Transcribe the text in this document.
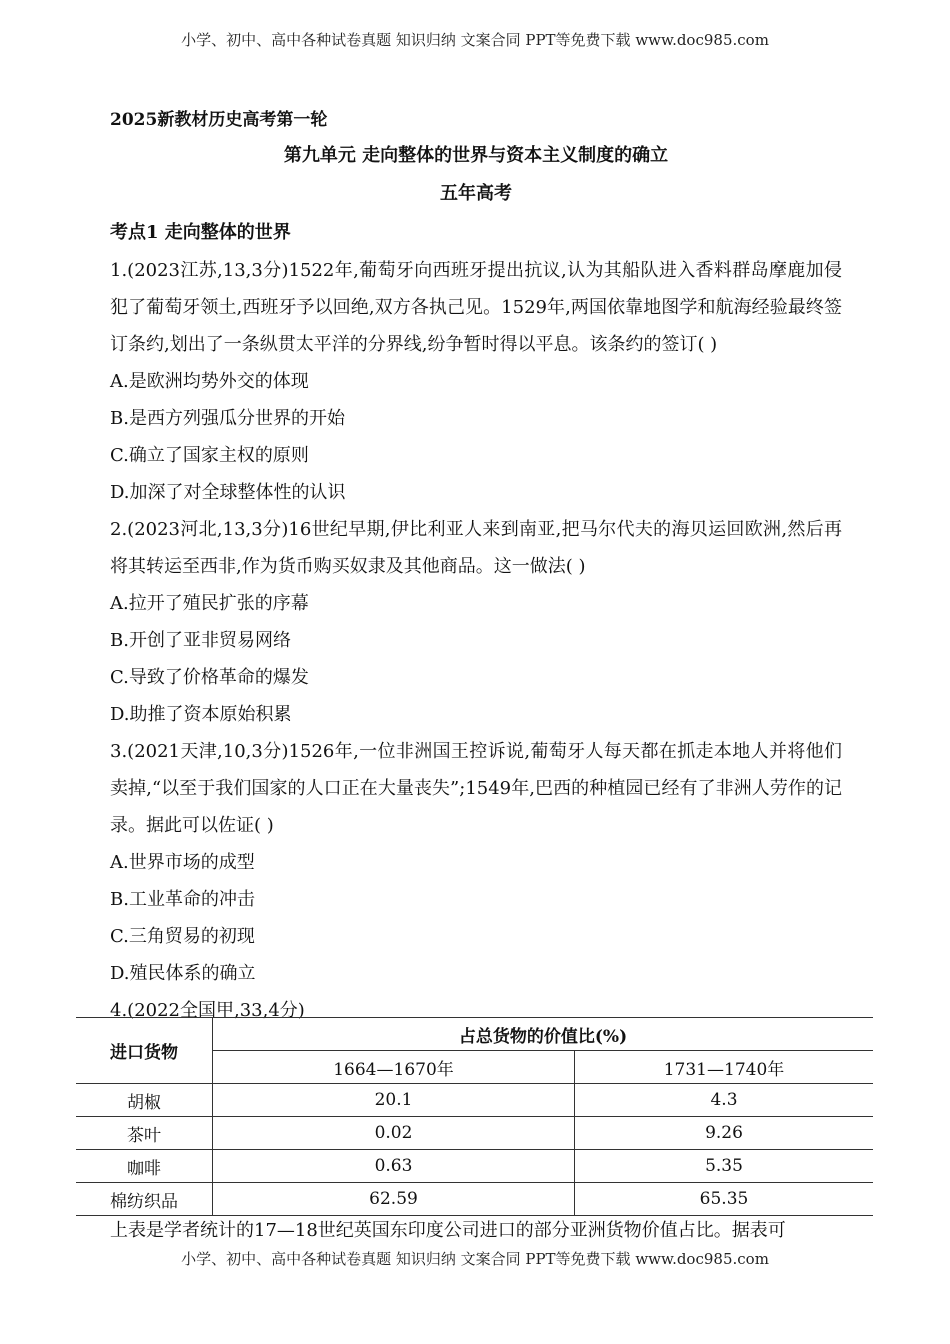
小学、初中、高中各种试卷真题 知识归纳 文案合同 PPT等免费下载 www.doc985.com
2025新教材历史高考第一轮
第九单元 走向整体的世界与资本主义制度的确立
五年高考
考点1 走向整体的世界
1.(2023江苏,13,3分)1522年,葡萄牙向西班牙提出抗议,认为其船队进入香料群岛摩鹿加侵犯了葡萄牙领土,西班牙予以回绝,双方各执己见。1529年,两国依靠地图学和航海经验最终签订条约,划出了一条纵贯太平洋的分界线,纷争暂时得以平息。该条约的签订( )
A.是欧洲均势外交的体现
B.是西方列强瓜分世界的开始
C.确立了国家主权的原则
D.加深了对全球整体性的认识
2.(2023河北,13,3分)16世纪早期,伊比利亚人来到南亚,把马尔代夫的海贝运回欧洲,然后再将其转运至西非,作为货币购买奴隶及其他商品。这一做法( )
A.拉开了殖民扩张的序幕
B.开创了亚非贸易网络
C.导致了价格革命的爆发
D.助推了资本原始积累
3.(2021天津,10,3分)1526年,一位非洲国王控诉说,葡萄牙人每天都在抓走本地人并将他们卖掉,“以至于我们国家的人口正在大量丧失”;1549年,巴西的种植园已经有了非洲人劳作的记录。据此可以佐证( )
A.世界市场的成型
B.工业革命的冲击
C.三角贸易的初现
D.殖民体系的确立
4.(2022全国甲,33,4分)
进口货物	占总货物的价值比(%)	
	1664—1670年	1731—1740年
胡椒	20.1	4.3
茶叶	0.02	9.26
咖啡	0.63	5.35
棉纺织品	62.59	65.35
上表是学者统计的17—18世纪英国东印度公司进口的部分亚洲货物价值占比。据表可
小学、初中、高中各种试卷真题 知识归纳 文案合同 PPT等免费下载 www.doc985.com
